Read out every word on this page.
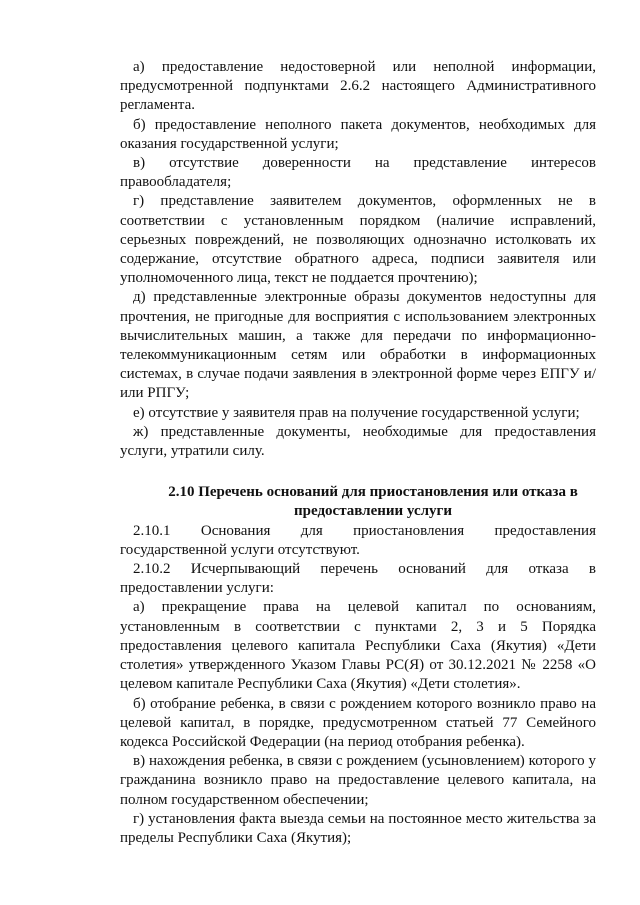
а) предоставление недостоверной или неполной информации, предусмотренной подпунктами 2.6.2 настоящего Административного регламента.

б) предоставление неполного пакета документов, необходимых для оказания государственной услуги;

в) отсутствие доверенности на представление интересов правообладателя;

г) представление заявителем документов, оформленных не в соответствии с установленным порядком (наличие исправлений, серьезных повреждений, не позволяющих однозначно истолковать их содержание, отсутствие обратного адреса, подписи заявителя или уполномоченного лица, текст не поддается прочтению);

д) представленные электронные образы документов недоступны для прочтения, не пригодные для восприятия с использованием электронных вычислительных машин, а также для передачи по информационно-телекоммуникационным сетям или обработки в информационных системах, в случае подачи заявления в электронной форме через ЕПГУ и/или РПГУ;

е) отсутствие у заявителя прав на получение государственной услуги;

ж) представленные документы, необходимые для предоставления услуги, утратили силу.

2.10 Перечень оснований для приостановления или отказа в предоставлении услуги

2.10.1 Основания для приостановления предоставления государственной услуги отсутствуют.

2.10.2 Исчерпывающий перечень оснований для отказа в предоставлении услуги:

а) прекращение права на целевой капитал по основаниям, установленным в соответствии с пунктами 2, 3 и 5 Порядка предоставления целевого капитала Республики Саха (Якутия) «Дети столетия» утвержденного Указом Главы РС(Я) от 30.12.2021 № 2258 «О целевом капитале Республики Саха (Якутия) «Дети столетия».

б) отобрание ребенка, в связи с рождением которого возникло право на целевой капитал, в порядке, предусмотренном статьей 77 Семейного кодекса Российской Федерации (на период отобрания ребенка).

в) нахождения ребенка, в связи с рождением (усыновлением) которого у гражданина возникло право на предоставление целевого капитала, на полном государственном обеспечении;

г) установления факта выезда семьи на постоянное место жительства за пределы Республики Саха (Якутия);
